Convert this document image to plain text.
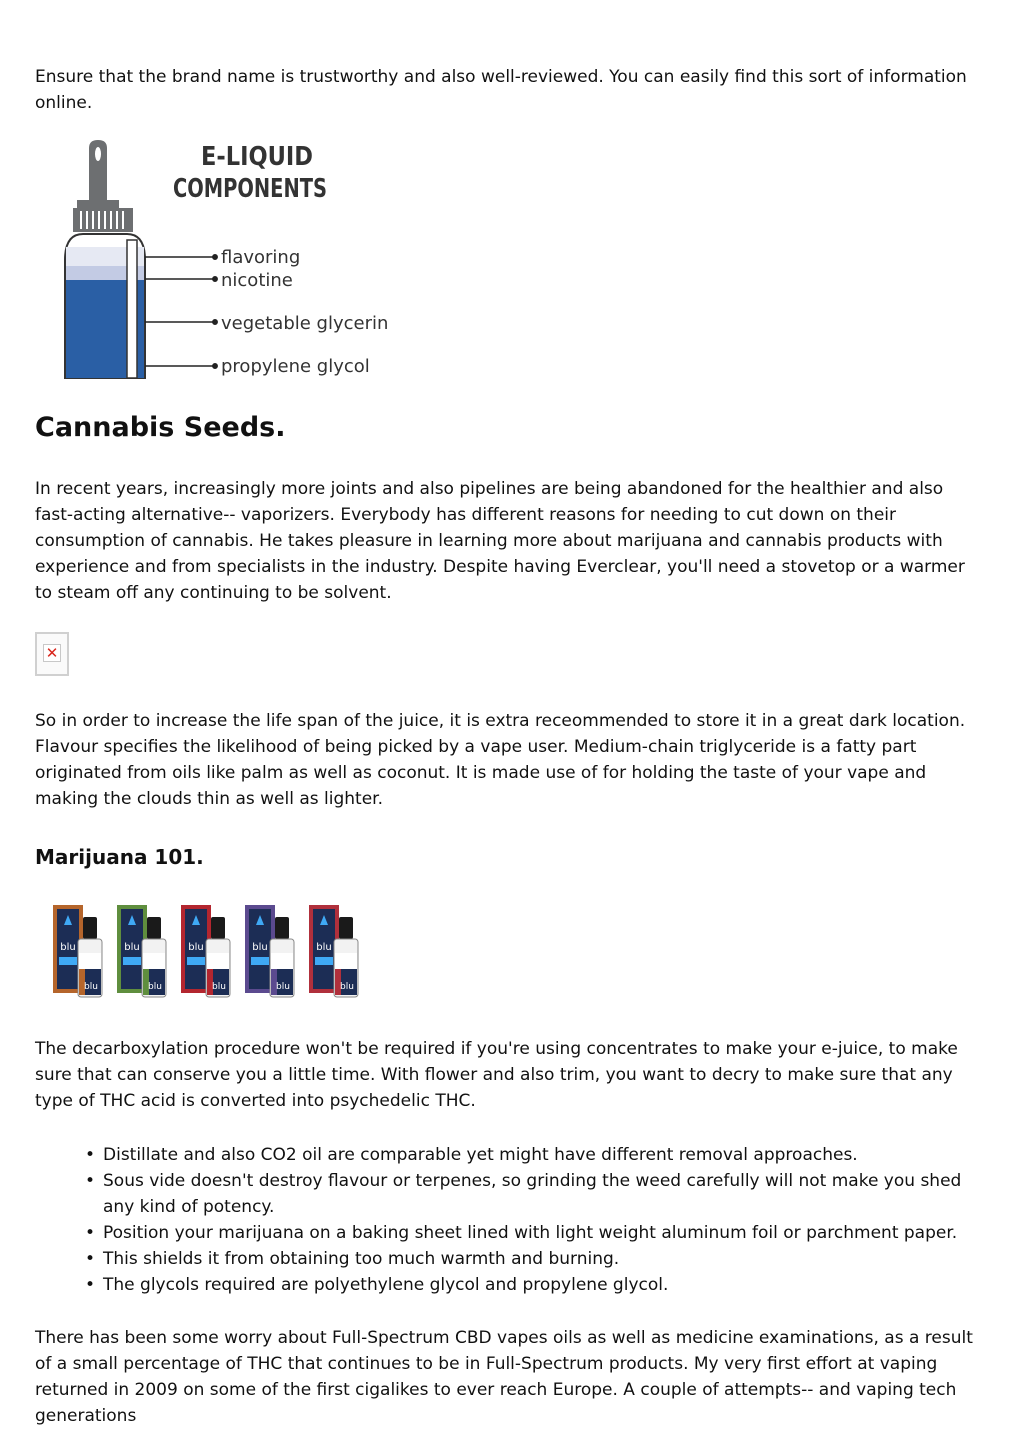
Ensure that the brand name is trustworthy and also well-reviewed. You can easily find this sort of information online.

E-LIQUID
COMPONENTS
flavoring
nicotine
vegetable glycerin
propylene glycol
Cannabis Seeds.

In recent years, increasingly more joints and also pipelines are being abandoned for the healthier and also fast-acting alternative-- vaporizers. Everybody has different reasons for needing to cut down on their consumption of cannabis. He takes pleasure in learning more about marijuana and cannabis products with experience and from specialists in the industry. Despite having Everclear, you'll need a stovetop or a warmer to steam off any continuing to be solvent.

✕

So in order to increase the life span of the juice, it is extra receommended to store it in a great dark location. Flavour specifies the likelihood of being picked by a vape user. Medium-chain triglyceride is a fatty part originated from oils like palm as well as coconut. It is made use of for holding the taste of your vape and making the clouds thin as well as lighter.

Marijuana 101.
blu
blu
blu
blu
blu
blu
blu
blu
blu
blu

The decarboxylation procedure won't be required if you're using concentrates to make your e-juice, to make sure that can conserve you a little time. With flower and also trim, you want to decry to make sure that any type of THC acid is converted into psychedelic THC.

• Distillate and also CO2 oil are comparable yet might have different removal approaches.
• Sous vide doesn't destroy flavour or terpenes, so grinding the weed carefully will not make you shed any kind of potency.
• Position your marijuana on a baking sheet lined with light weight aluminum foil or parchment paper.
• This shields it from obtaining too much warmth and burning.
• The glycols required are polyethylene glycol and propylene glycol.

There has been some worry about Full-Spectrum CBD vapes oils as well as medicine examinations, as a result of a small percentage of THC that continues to be in Full-Spectrum products. My very first effort at vaping returned in 2009 on some of the first cigalikes to ever reach Europe. A couple of attempts-- and vaping tech generations
